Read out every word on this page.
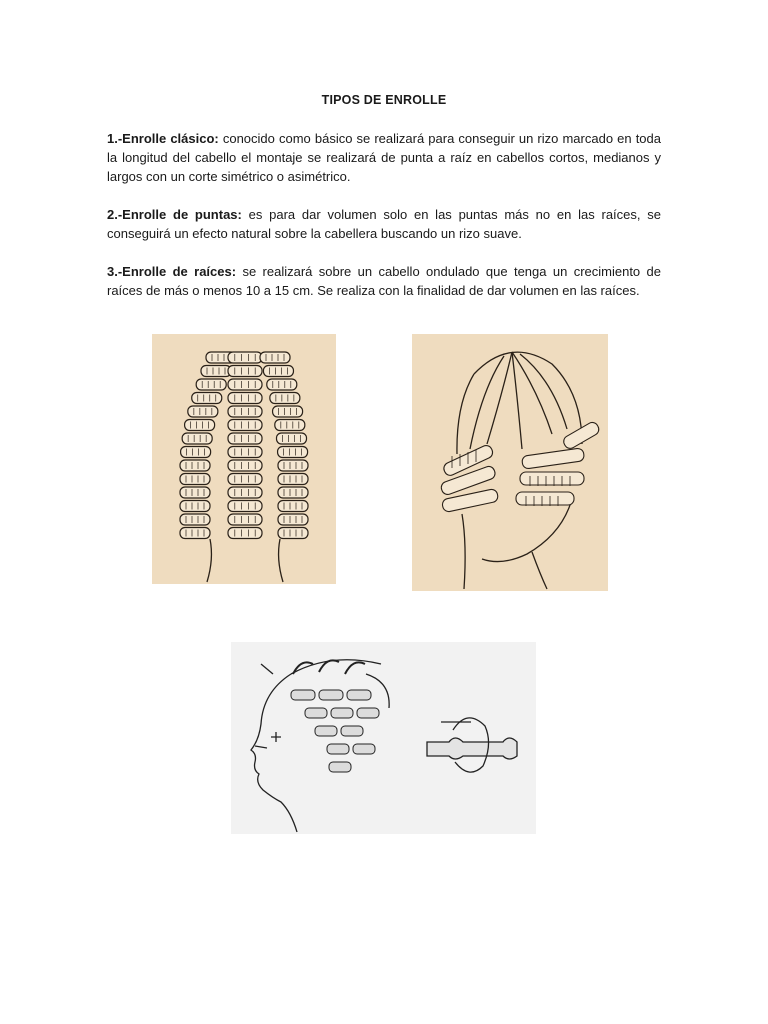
TIPOS DE ENROLLE

1.-Enrolle clásico: conocido como básico se realizará para conseguir un rizo marcado en toda la longitud del cabello el montaje se realizará de punta a raíz en cabellos cortos, medianos y largos con un corte simétrico o asimétrico.

2.-Enrolle de puntas: es para dar volumen solo en las puntas más no en las raíces, se conseguirá un efecto natural sobre la cabellera buscando un rizo suave.

3.-Enrolle de raíces: se realizará sobre un cabello ondulado que tenga un crecimiento de raíces de más o menos 10 a 15 cm. Se realiza con la finalidad de dar volumen en las raíces.
